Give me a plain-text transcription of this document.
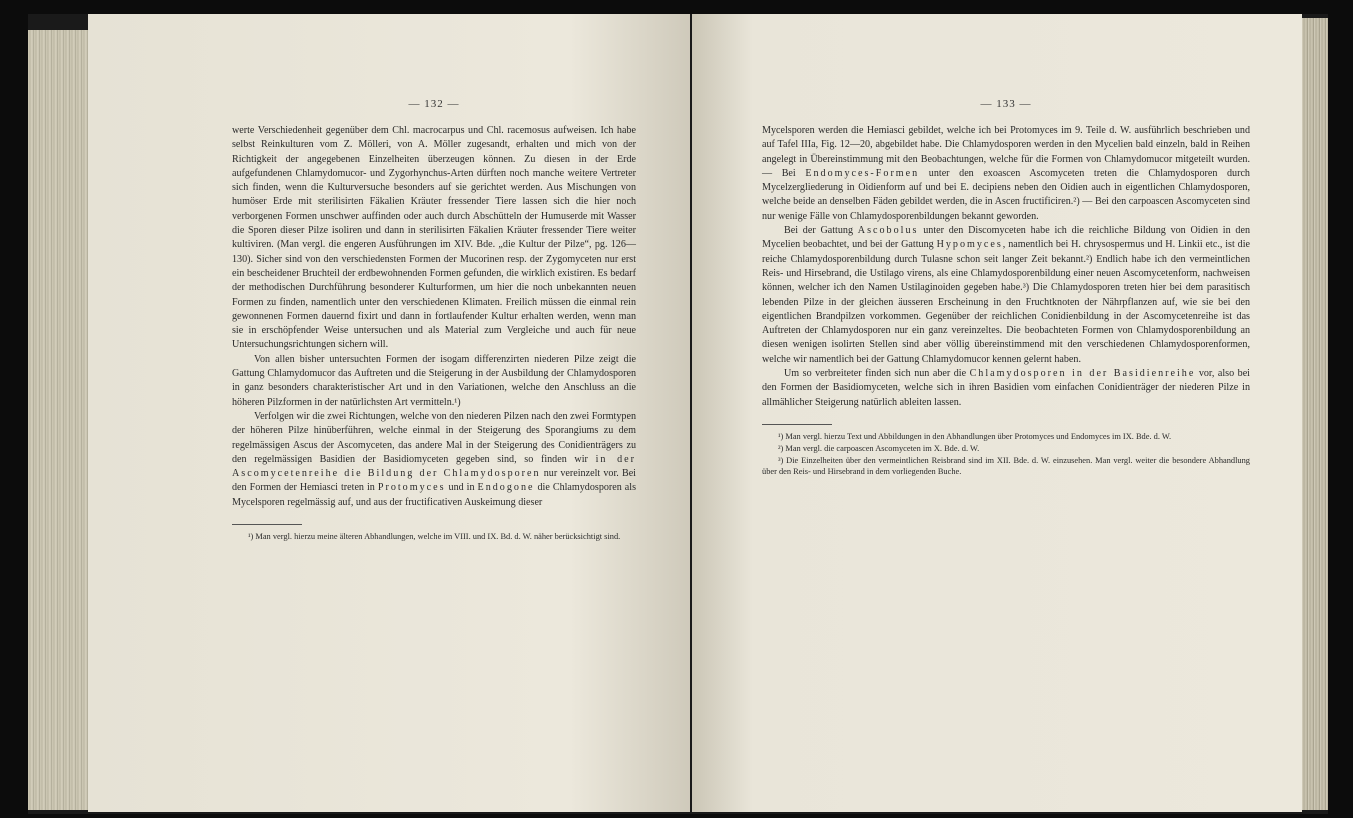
— 132 —

werte Verschiedenheit gegenüber dem Chl. macrocarpus und Chl. racemosus aufweisen. Ich habe selbst Reinkulturen vom Z. Mölleri, von A. Möller zugesandt, erhalten und mich von der Richtigkeit der angegebenen Einzelheiten überzeugen können. Zu diesen in der Erde aufgefundenen Chlamydomucor- und Zygorhynchus-Arten dürften noch manche weitere Vertreter sich finden, wenn die Kulturversuche besonders auf sie gerichtet werden. Aus Mischungen von humöser Erde mit sterilisirten Fäkalien Kräuter fressender Tiere lassen sich die hier noch verborgenen Formen unschwer auffinden oder auch durch Abschütteln der Humuserde mit Wasser die Sporen dieser Pilze isoliren und dann in sterilisirten Fäkalien Kräuter fressender Tiere weiter kultiviren. (Man vergl. die engeren Ausführungen im XIV. Bde. „die Kultur der Pilze“, pg. 126—130). Sicher sind von den verschiedensten Formen der Mucorinen resp. der Zygomyceten nur erst ein bescheidener Bruchteil der erdbewohnenden Formen gefunden, die wirklich existiren. Es bedarf der methodischen Durchführung besonderer Kulturformen, um hier die noch unbekannten neuen Formen zu finden, namentlich unter den verschiedenen Klimaten. Freilich müssen die einmal rein gewonnenen Formen dauernd fixirt und dann in fortlaufender Kultur erhalten werden, wenn man sie in erschöpfender Weise untersuchen und als Material zum Vergleiche und auch für neue Untersuchungsrichtungen sichern will.

Von allen bisher untersuchten Formen der isogam differenzirten niederen Pilze zeigt die Gattung Chlamydomucor das Auftreten und die Steigerung in der Ausbildung der Chlamydosporen in ganz besonders charakteristischer Art und in den Variationen, welche den Anschluss an die höheren Pilzformen in der natürlichsten Art vermitteln.¹)

Verfolgen wir die zwei Richtungen, welche von den niederen Pilzen nach den zwei Formtypen der höheren Pilze hinüberführen, welche einmal in der Steigerung des Sporangiums zu dem regelmässigen Ascus der Ascomyceten, das andere Mal in der Steigerung des Conidienträgers zu den regelmässigen Basidien der Basidiomyceten gegeben sind, so finden wir in der Ascomycetenreihe die Bildung der Chlamydosporen nur vereinzelt vor. Bei den Formen der Hemiasci treten in Protomyces und in Endogone die Chlamydosporen als Mycelsporen regelmässig auf, und aus der fructificativen Auskeimung dieser

¹) Man vergl. hierzu meine älteren Abhandlungen, welche im VIII. und IX. Bd. d. W. näher berücksichtigt sind.

— 133 —

Mycelsporen werden die Hemiasci gebildet, welche ich bei Protomyces im 9. Teile d. W. ausführlich beschrieben und auf Tafel IIIa, Fig. 12—20, abgebildet habe. Die Chlamydosporen werden in den Mycelien bald einzeln, bald in Reihen angelegt in Übereinstimmung mit den Beobachtungen, welche für die Formen von Chlamydomucor mitgeteilt wurden. — Bei Endomyces-Formen unter den exoascen Ascomyceten treten die Chlamydosporen durch Mycelzergliederung in Oidienform auf und bei E. decipiens neben den Oidien auch in eigentlichen Chlamydosporen, welche beide an denselben Fäden gebildet werden, die in Ascen fructificiren.²) — Bei den carpoascen Ascomyceten sind nur wenige Fälle von Chlamydosporenbildungen bekannt geworden.

Bei der Gattung Ascobolus unter den Discomyceten habe ich die reichliche Bildung von Oidien in den Mycelien beobachtet, und bei der Gattung Hypomyces, namentlich bei H. chrysospermus und H. Linkii etc., ist die reiche Chlamydosporenbildung durch Tulasne schon seit langer Zeit bekannt.²) Endlich habe ich den vermeintlichen Reis- und Hirsebrand, die Ustilago virens, als eine Chlamydosporenbildung einer neuen Ascomycetenform, nachweisen können, welcher ich den Namen Ustilaginoiden gegeben habe.³) Die Chlamydosporen treten hier bei dem parasitisch lebenden Pilze in der gleichen äusseren Erscheinung in den Fruchtknoten der Nährpflanzen auf, wie sie bei den eigentlichen Brandpilzen vorkommen. Gegenüber der reichlichen Conidienbildung in der Ascomycetenreihe ist das Auftreten der Chlamydosporen nur ein ganz vereinzeltes. Die beobachteten Formen von Chlamydosporenbildung an diesen wenigen isolirten Stellen sind aber völlig übereinstimmend mit den verschiedenen Chlamydosporenformen, welche wir namentlich bei der Gattung Chlamydomucor kennen gelernt haben.

Um so verbreiteter finden sich nun aber die Chlamydosporen in der Basidienreihe vor, also bei den Formen der Basidiomyceten, welche sich in ihren Basidien vom einfachen Conidienträger der niederen Pilze in allmählicher Steigerung natürlich ableiten lassen.

¹) Man vergl. hierzu Text und Abbildungen in den Abhandlungen über Protomyces und Endomyces im IX. Bde. d. W.

²) Man vergl. die carpoascen Ascomyceten im X. Bde. d. W.

³) Die Einzelheiten über den vermeintlichen Reisbrand sind im XII. Bde. d. W. einzusehen. Man vergl. weiter die besondere Abhandlung über den Reis- und Hirsebrand in dem vorliegenden Buche.
